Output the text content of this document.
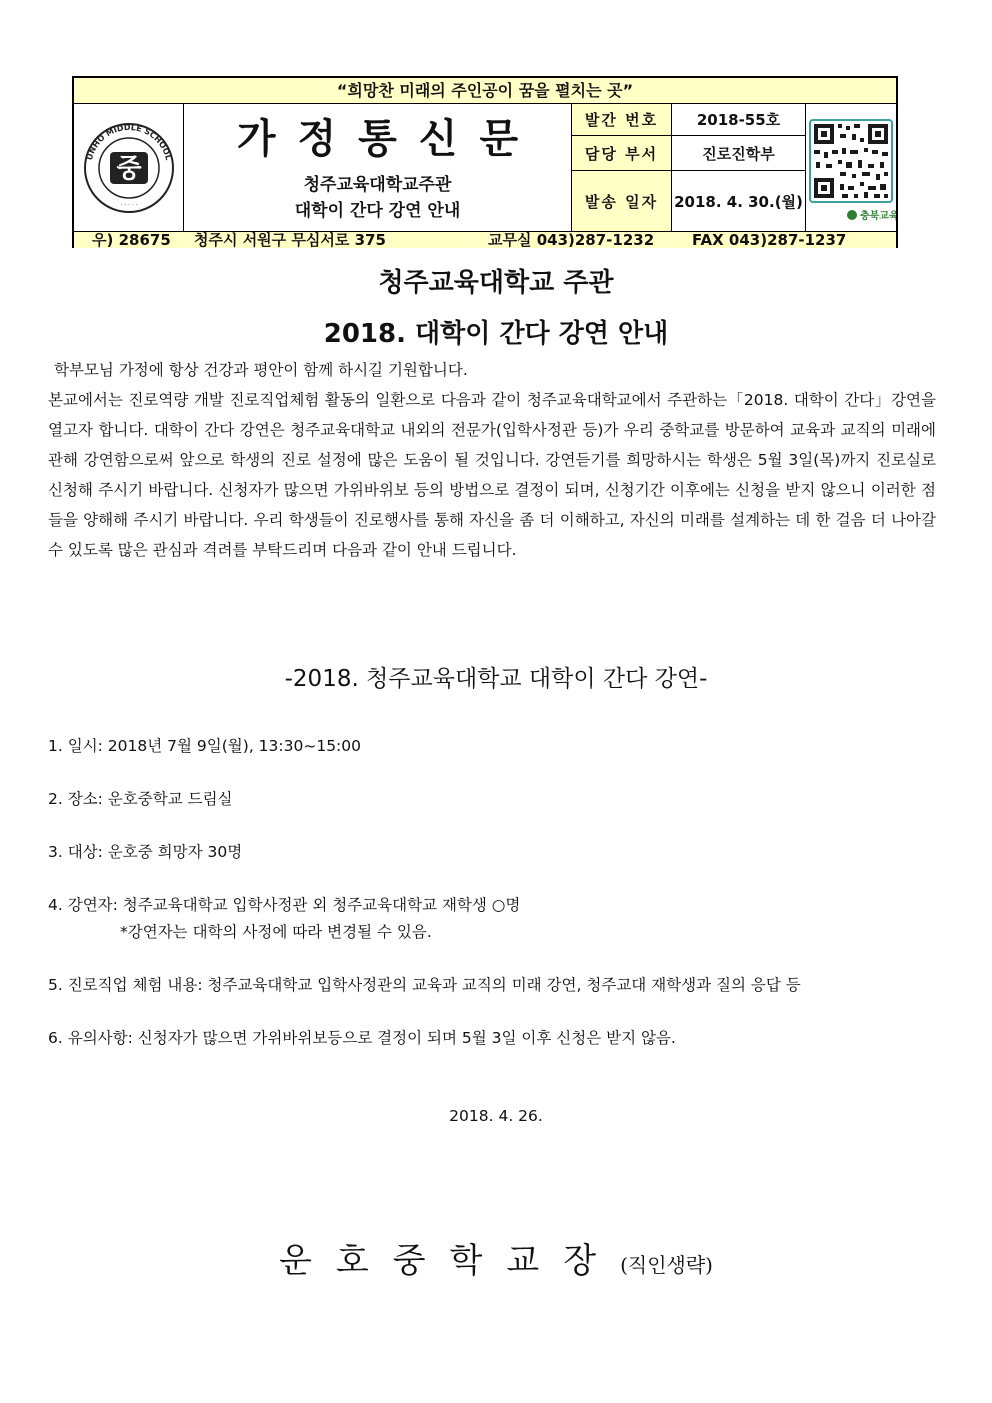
“희망찬 미래의 주인공이 꿈을 펼치는 곳”
UNHO MIDDLE SCHOOL
중
· · · · ·
가정통신문
청주교육대학교주관
대학이 간다 강연 안내
발간 번호	2018-55호
담당 부서	진로진학부
발송 일자	2018. 4. 30.(월)
충북교육
우) 28675 청주시 서원구 무심서로 375	교무실 043)287-1232	FAX 043)287-1237
청주교육대학교 주관
2018. 대학이 간다 강연 안내

학부모님 가정에 항상 건강과 평안이 함께 하시길 기원합니다.

본교에서는 진로역량 개발 진로직업체험 활동의 일환으로 다음과 같이 청주교육대학교에서 주관하는「2018. 대학이 간다」강연을 열고자 합니다. 대학이 간다 강연은 청주교육대학교 내외의 전문가(입학사정관 등)가 우리 중학교를 방문하여 교육과 교직의 미래에 관해 강연함으로써 앞으로 학생의 진로 설정에 많은 도움이 될 것입니다. 강연듣기를 희망하시는 학생은 5월 3일(목)까지 진로실로 신청해 주시기 바랍니다. 신청자가 많으면 가위바위보 등의 방법으로 결정이 되며, 신청기간 이후에는 신청을 받지 않으니 이러한 점들을 양해해 주시기 바랍니다. 우리 학생들이 진로행사를 통해 자신을 좀 더 이해하고, 자신의 미래를 설계하는 데 한 걸음 더 나아갈 수 있도록 많은 관심과 격려를 부탁드리며 다음과 같이 안내 드립니다.

-2018. 청주교육대학교 대학이 간다 강연-
1. 일시: 2018년 7월 9일(월), 13:30~15:00
2. 장소: 운호중학교 드림실
3. 대상: 운호중 희망자 30명
4. 강연자: 청주교육대학교 입학사정관 외 청주교육대학교 재학생 ○명
*강연자는 대학의 사정에 따라 변경될 수 있음.
5. 진로직업 체험 내용: 청주교육대학교 입학사정관의 교육과 교직의 미래 강연, 청주교대 재학생과 질의 응답 등
6. 유의사항: 신청자가 많으면 가위바위보등으로 결정이 되며 5월 3일 이후 신청은 받지 않음.
2018. 4. 26.
운호중학교장(직인생략)
